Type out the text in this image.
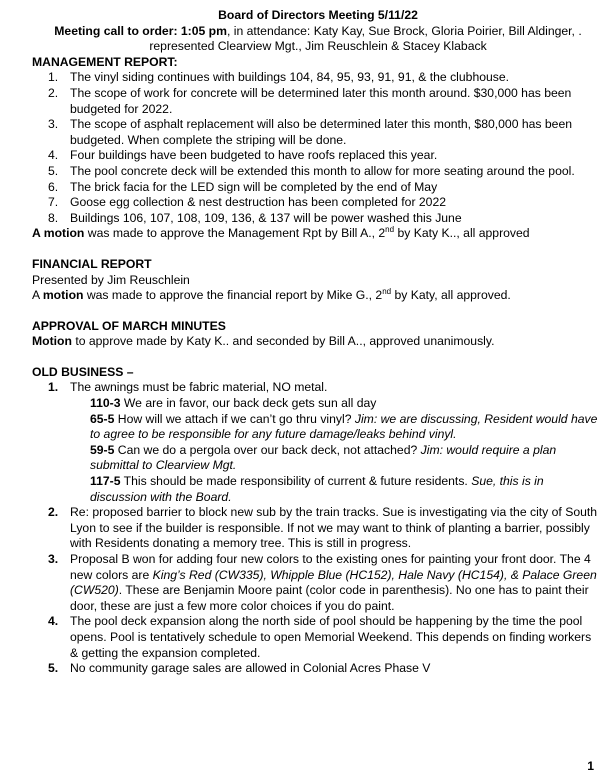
Board of Directors Meeting 5/11/22

Meeting call to order: 1:05 pm, in attendance: Katy Kay, Sue Brock, Gloria Poirier, Bill Aldinger, .

represented Clearview Mgt., Jim Reuschlein & Stacey Klaback

MANAGEMENT REPORT:

1. The vinyl siding continues with buildings 104, 84, 95, 93, 91, 91, & the clubhouse.
2. The scope of work for concrete will be determined later this month around. $30,000 has been budgeted for 2022.
3. The scope of asphalt replacement will also be determined later this month, $80,000 has been budgeted. When complete the striping will be done.
4. Four buildings have been budgeted to have roofs replaced this year.
5. The pool concrete deck will be extended this month to allow for more seating around the pool.
6. The brick facia for the LED sign will be completed by the end of May
7. Goose egg collection & nest destruction has been completed for 2022
8. Buildings 106, 107, 108, 109, 136, & 137 will be power washed this June

A motion was made to approve the Management Rpt by Bill A., 2nd by Katy K.., all approved

FINANCIAL REPORT

Presented by Jim Reuschlein

A motion was made to approve the financial report by Mike G., 2nd by Katy, all approved.

APPROVAL OF MARCH MINUTES

Motion to approve made by Katy K.. and seconded by Bill A.., approved unanimously.

OLD BUSINESS –

1. The awnings must be fabric material, NO metal.

110-3 We are in favor, our back deck gets sun all day

65-5 How will we attach if we can’t go thru vinyl? Jim: we are discussing, Resident would have to agree to be responsible for any future damage/leaks behind vinyl.

59-5 Can we do a pergola over our back deck, not attached? Jim: would require a plan submittal to Clearview Mgt.

117-5 This should be made responsibility of current & future residents. Sue, this is in discussion with the Board.

2. Re: proposed barrier to block new sub by the train tracks. Sue is investigating via the city of South Lyon to see if the builder is responsible. If not we may want to think of planting a barrier, possibly with Residents donating a memory tree. This is still in progress.
3. Proposal B won for adding four new colors to the existing ones for painting your front door. The 4 new colors are King’s Red (CW335), Whipple Blue (HC152), Hale Navy (HC154), & Palace Green (CW520). These are Benjamin Moore paint (color code in parenthesis). No one has to paint their door, these are just a few more color choices if you do paint.
4. The pool deck expansion along the north side of pool should be happening by the time the pool opens. Pool is tentatively schedule to open Memorial Weekend. This depends on finding workers & getting the expansion completed.
5. No community garage sales are allowed in Colonial Acres Phase V
1
